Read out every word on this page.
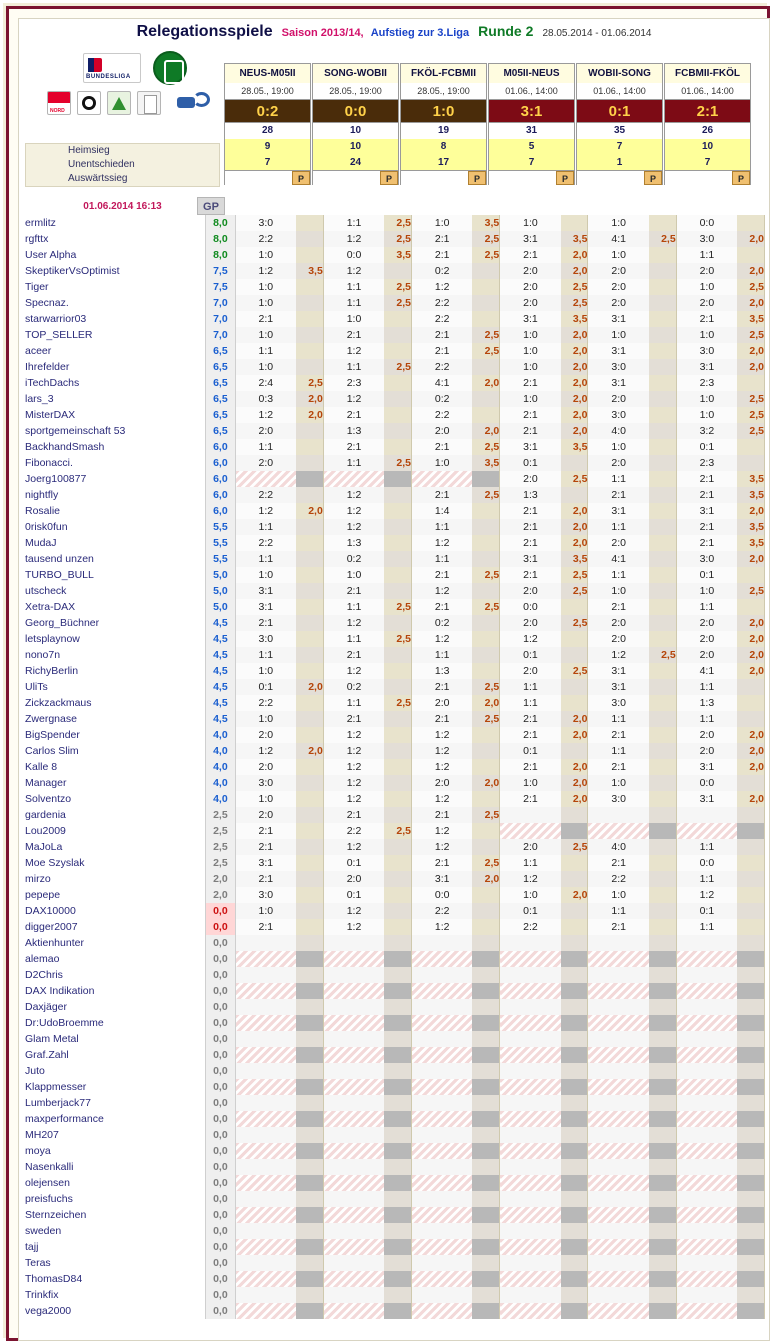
Relegationsspiele Saison 2013/14, Aufstieg zur 3.Liga Runde 2 28.05.2014 - 01.06.2014
BUNDESLIGA
NORD
Heimsieg
Unentschieden
Auswärtssieg
01.06.2014 16:13
NEUS-M05II
28.05., 19:00
0:2
28
9
7
P
SONG-WOBII
28.05., 19:00
0:0
10
10
24
P
FKÖL-FCBMII
28.05., 19:00
1:0
19
8
17
P
M05II-NEUS
01.06., 14:00
3:1
31
5
7
P
WOBII-SONG
01.06., 14:00
0:1
35
7
1
P
FCBMII-FKÖL
01.06., 14:00
2:1
26
10
7
P
GP
ermlitz	8,0	3:0		1:1	2,5	1:0	3,5	1:0		1:0		0:0	
rgfttx	8,0	2:2		1:2	2,5	2:1	2,5	3:1	3,5	4:1	2,5	3:0	2,0
User Alpha	8,0	1:0		0:0	3,5	2:1	2,5	2:1	2,0	1:0		1:1	
SkeptikerVsOptimist	7,5	1:2	3,5	1:2		0:2		2:0	2,0	2:0		2:0	2,0
Tiger	7,5	1:0		1:1	2,5	1:2		2:0	2,5	2:0		1:0	2,5
Specnaz.	7,0	1:0		1:1	2,5	2:2		2:0	2,5	2:0		2:0	2,0
starwarrior03	7,0	2:1		1:0		2:2		3:1	3,5	3:1		2:1	3,5
TOP_SELLER	7,0	1:0		2:1		2:1	2,5	1:0	2,0	1:0		1:0	2,5
aceer	6,5	1:1		1:2		2:1	2,5	1:0	2,0	3:1		3:0	2,0
Ihrefelder	6,5	1:0		1:1	2,5	2:2		1:0	2,0	3:0		3:1	2,0
iTechDachs	6,5	2:4	2,5	2:3		4:1	2,0	2:1	2,0	3:1		2:3	
lars_3	6,5	0:3	2,0	1:2		0:2		1:0	2,0	2:0		1:0	2,5
MisterDAX	6,5	1:2	2,0	2:1		2:2		2:1	2,0	3:0		1:0	2,5
sportgemeinschaft 53	6,5	2:0		1:3		2:0	2,0	2:1	2,0	4:0		3:2	2,5
BackhandSmash	6,0	1:1		2:1		2:1	2,5	3:1	3,5	1:0		0:1	
Fibonacci.	6,0	2:0		1:1	2,5	1:0	3,5	0:1		2:0		2:3	
Joerg100877	6,0							2:0	2,5	1:1		2:1	3,5
nightfly	6,0	2:2		1:2		2:1	2,5	1:3		2:1		2:1	3,5
Rosalie	6,0	1:2	2,0	1:2		1:4		2:1	2,0	3:1		3:1	2,0
0risk0fun	5,5	1:1		1:2		1:1		2:1	2,0	1:1		2:1	3,5
MudaJ	5,5	2:2		1:3		1:2		2:1	2,0	2:0		2:1	3,5
tausend unzen	5,5	1:1		0:2		1:1		3:1	3,5	4:1		3:0	2,0
TURBO_BULL	5,0	1:0		1:0		2:1	2,5	2:1	2,5	1:1		0:1	
utscheck	5,0	3:1		2:1		1:2		2:0	2,5	1:0		1:0	2,5
Xetra-DAX	5,0	3:1		1:1	2,5	2:1	2,5	0:0		2:1		1:1	
Georg_Büchner	4,5	2:1		1:2		0:2		2:0	2,5	2:0		2:0	2,0
letsplaynow	4,5	3:0		1:1	2,5	1:2		1:2		2:0		2:0	2,0
nono7n	4,5	1:1		2:1		1:1		0:1		1:2	2,5	2:0	2,0
RichyBerlin	4,5	1:0		1:2		1:3		2:0	2,5	3:1		4:1	2,0
UliTs	4,5	0:1	2,0	0:2		2:1	2,5	1:1		3:1		1:1	
Zickzackmaus	4,5	2:2		1:1	2,5	2:0	2,0	1:1		3:0		1:3	
Zwergnase	4,5	1:0		2:1		2:1	2,5	2:1	2,0	1:1		1:1	
BigSpender	4,0	2:0		1:2		1:2		2:1	2,0	2:1		2:0	2,0
Carlos Slim	4,0	1:2	2,0	1:2		1:2		0:1		1:1		2:0	2,0
Kalle 8	4,0	2:0		1:2		1:2		2:1	2,0	2:1		3:1	2,0
Manager	4,0	3:0		1:2		2:0	2,0	1:0	2,0	1:0		0:0	
Solventzo	4,0	1:0		1:2		1:2		2:1	2,0	3:0		3:1	2,0
gardenia	2,5	2:0		2:1		2:1	2,5						
Lou2009	2,5	2:1		2:2	2,5	1:2							
MaJoLa	2,5	2:1		1:2		1:2		2:0	2,5	4:0		1:1	
Moe Szyslak	2,5	3:1		0:1		2:1	2,5	1:1		2:1		0:0	
mirzo	2,0	2:1		2:0		3:1	2,0	1:2		2:2		1:1	
pepepe	2,0	3:0		0:1		0:0		1:0	2,0	1:0		1:2	
DAX10000	0,0	1:0		1:2		2:2		0:1		1:1		0:1	
digger2007	0,0	2:1		1:2		1:2		2:2		2:1		1:1	
Aktienhunter	0,0												
alemao	0,0												
D2Chris	0,0												
DAX Indikation	0,0												
Daxjäger	0,0												
Dr:UdoBroemme	0,0												
Glam Metal	0,0												
Graf.Zahl	0,0												
Juto	0,0												
Klappmesser	0,0												
Lumberjack77	0,0												
maxperformance	0,0												
MH207	0,0												
moya	0,0												
Nasenkalli	0,0												
olejensen	0,0												
preisfuchs	0,0												
Sternzeichen	0,0												
sweden	0,0												
tajj	0,0												
Teras	0,0												
ThomasD84	0,0												
Trinkfix	0,0												
vega2000	0,0												
